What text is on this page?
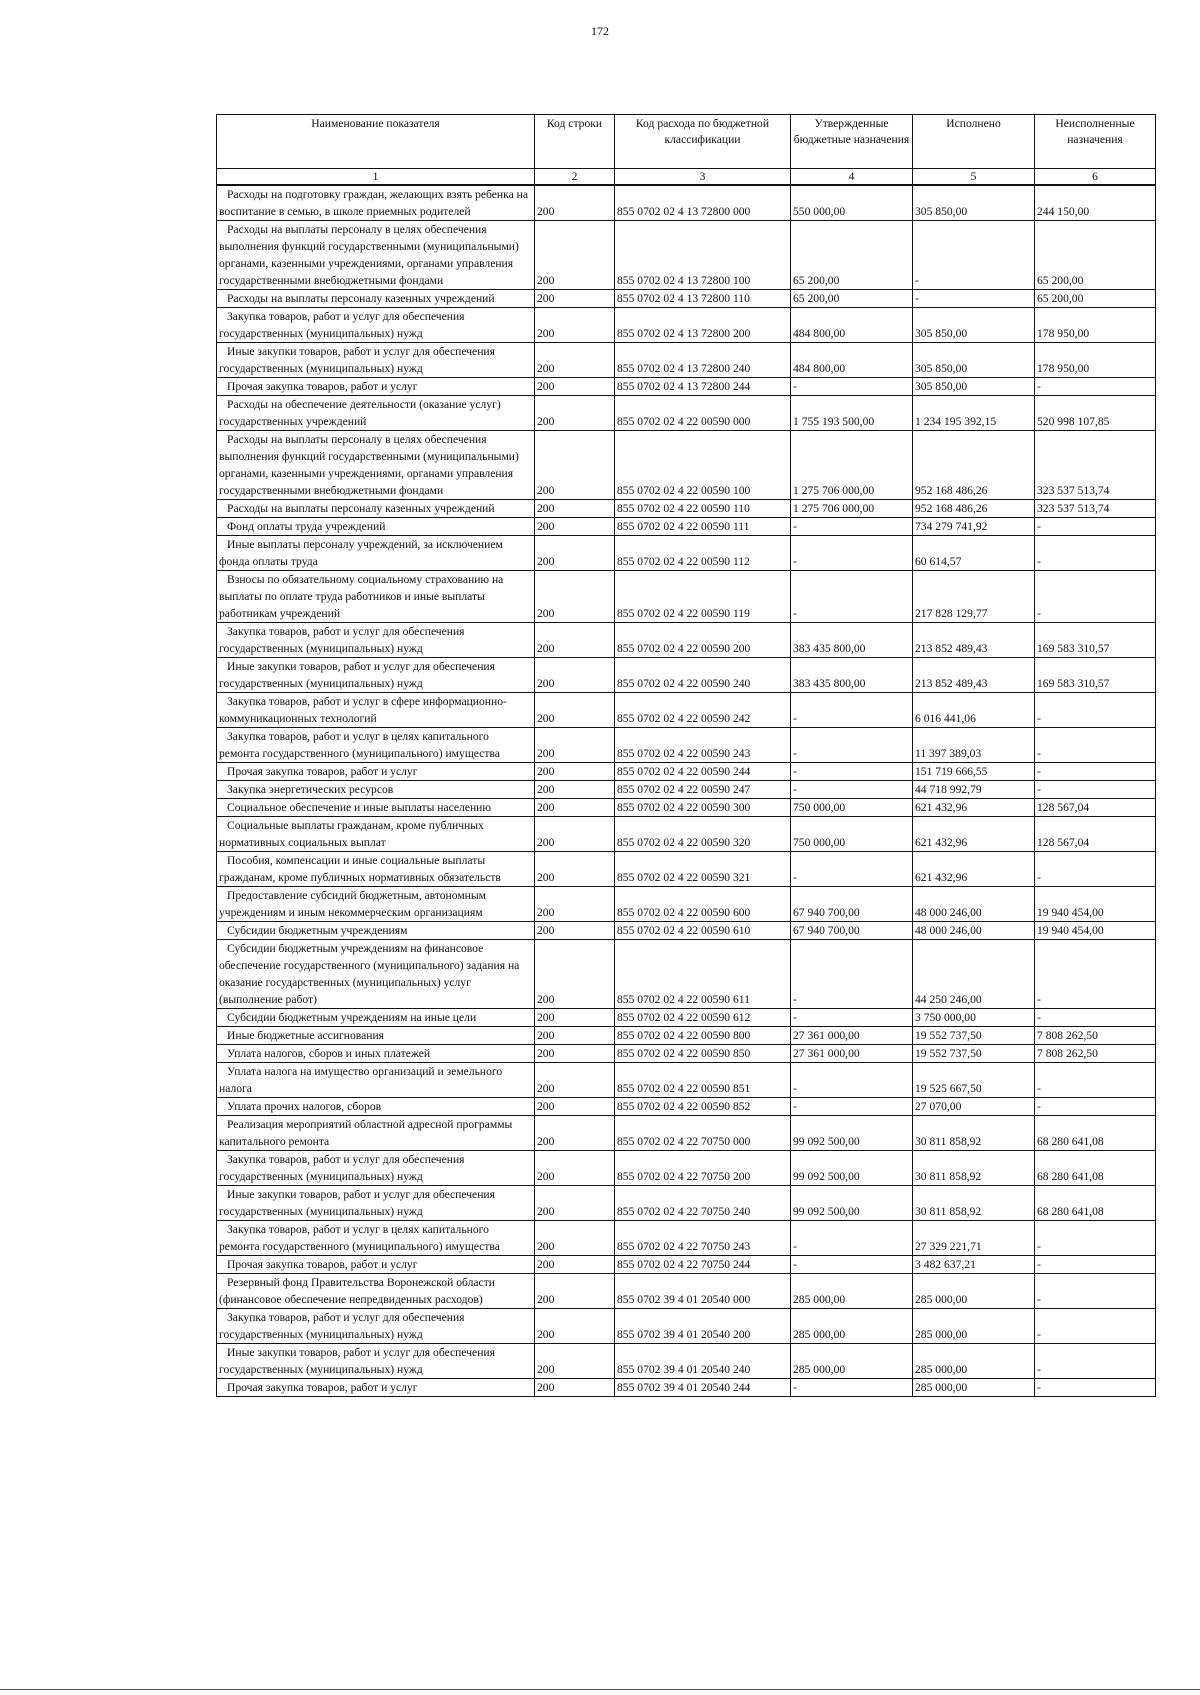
172
Наименование показателя	Код строки	Код расхода по бюджетной классификации	Утвержденные бюджетные назначения	Исполнено	Неисполненные назначения
1	2	3	4	5	6
Расходы на подготовку граждан, желающих взять ребенка на воспитание в семью, в школе приемных родителей	200	855 0702 02 4 13 72800 000	550 000,00	305 850,00	244 150,00
Расходы на выплаты персоналу в целях обеспечения выполнения функций государственными (муниципальными) органами, казенными учреждениями, органами управления государственными внебюджетными фондами	200	855 0702 02 4 13 72800 100	65 200,00	-	65 200,00
Расходы на выплаты персоналу казенных учреждений	200	855 0702 02 4 13 72800 110	65 200,00	-	65 200,00
Закупка товаров, работ и услуг для обеспечения государственных (муниципальных) нужд	200	855 0702 02 4 13 72800 200	484 800,00	305 850,00	178 950,00
Иные закупки товаров, работ и услуг для обеспечения государственных (муниципальных) нужд	200	855 0702 02 4 13 72800 240	484 800,00	305 850,00	178 950,00
Прочая закупка товаров, работ и услуг	200	855 0702 02 4 13 72800 244	-	305 850,00	-
Расходы на обеспечение деятельности (оказание услуг) государственных учреждений	200	855 0702 02 4 22 00590 000	1 755 193 500,00	1 234 195 392,15	520 998 107,85
Расходы на выплаты персоналу в целях обеспечения выполнения функций государственными (муниципальными) органами, казенными учреждениями, органами управления государственными внебюджетными фондами	200	855 0702 02 4 22 00590 100	1 275 706 000,00	952 168 486,26	323 537 513,74
Расходы на выплаты персоналу казенных учреждений	200	855 0702 02 4 22 00590 110	1 275 706 000,00	952 168 486,26	323 537 513,74
Фонд оплаты труда учреждений	200	855 0702 02 4 22 00590 111	-	734 279 741,92	-
Иные выплаты персоналу учреждений, за исключением фонда оплаты труда	200	855 0702 02 4 22 00590 112	-	60 614,57	-
Взносы по обязательному социальному страхованию на выплаты по оплате труда работников и иные выплаты работникам учреждений	200	855 0702 02 4 22 00590 119	-	217 828 129,77	-
Закупка товаров, работ и услуг для обеспечения государственных (муниципальных) нужд	200	855 0702 02 4 22 00590 200	383 435 800,00	213 852 489,43	169 583 310,57
Иные закупки товаров, работ и услуг для обеспечения государственных (муниципальных) нужд	200	855 0702 02 4 22 00590 240	383 435 800,00	213 852 489,43	169 583 310,57
Закупка товаров, работ и услуг в сфере информационно-коммуникационных технологий	200	855 0702 02 4 22 00590 242	-	6 016 441,06	-
Закупка товаров, работ и услуг в целях капитального ремонта государственного (муниципального) имущества	200	855 0702 02 4 22 00590 243	-	11 397 389,03	-
Прочая закупка товаров, работ и услуг	200	855 0702 02 4 22 00590 244	-	151 719 666,55	-
Закупка энергетических ресурсов	200	855 0702 02 4 22 00590 247	-	44 718 992,79	-
Социальное обеспечение и иные выплаты населению	200	855 0702 02 4 22 00590 300	750 000,00	621 432,96	128 567,04
Социальные выплаты гражданам, кроме публичных нормативных социальных выплат	200	855 0702 02 4 22 00590 320	750 000,00	621 432,96	128 567,04
Пособия, компенсации и иные социальные выплаты гражданам, кроме публичных нормативных обязательств	200	855 0702 02 4 22 00590 321	-	621 432,96	-
Предоставление субсидий бюджетным, автономным учреждениям и иным некоммерческим организациям	200	855 0702 02 4 22 00590 600	67 940 700,00	48 000 246,00	19 940 454,00
Субсидии бюджетным учреждениям	200	855 0702 02 4 22 00590 610	67 940 700,00	48 000 246,00	19 940 454,00
Субсидии бюджетным учреждениям на финансовое обеспечение государственного (муниципального) задания на оказание государственных (муниципальных) услуг (выполнение работ)	200	855 0702 02 4 22 00590 611	-	44 250 246,00	-
Субсидии бюджетным учреждениям на иные цели	200	855 0702 02 4 22 00590 612	-	3 750 000,00	-
Иные бюджетные ассигнования	200	855 0702 02 4 22 00590 800	27 361 000,00	19 552 737,50	7 808 262,50
Уплата налогов, сборов и иных платежей	200	855 0702 02 4 22 00590 850	27 361 000,00	19 552 737,50	7 808 262,50
Уплата налога на имущество организаций и земельного налога	200	855 0702 02 4 22 00590 851	-	19 525 667,50	-
Уплата прочих налогов, сборов	200	855 0702 02 4 22 00590 852	-	27 070,00	-
Реализация мероприятий областной адресной программы капитального ремонта	200	855 0702 02 4 22 70750 000	99 092 500,00	30 811 858,92	68 280 641,08
Закупка товаров, работ и услуг для обеспечения государственных (муниципальных) нужд	200	855 0702 02 4 22 70750 200	99 092 500,00	30 811 858,92	68 280 641,08
Иные закупки товаров, работ и услуг для обеспечения государственных (муниципальных) нужд	200	855 0702 02 4 22 70750 240	99 092 500,00	30 811 858,92	68 280 641,08
Закупка товаров, работ и услуг в целях капитального ремонта государственного (муниципального) имущества	200	855 0702 02 4 22 70750 243	-	27 329 221,71	-
Прочая закупка товаров, работ и услуг	200	855 0702 02 4 22 70750 244	-	3 482 637,21	-
Резервный фонд Правительства Воронежской области (финансовое обеспечение непредвиденных расходов)	200	855 0702 39 4 01 20540 000	285 000,00	285 000,00	-
Закупка товаров, работ и услуг для обеспечения государственных (муниципальных) нужд	200	855 0702 39 4 01 20540 200	285 000,00	285 000,00	-
Иные закупки товаров, работ и услуг для обеспечения государственных (муниципальных) нужд	200	855 0702 39 4 01 20540 240	285 000,00	285 000,00	-
Прочая закупка товаров, работ и услуг	200	855 0702 39 4 01 20540 244	-	285 000,00	-
